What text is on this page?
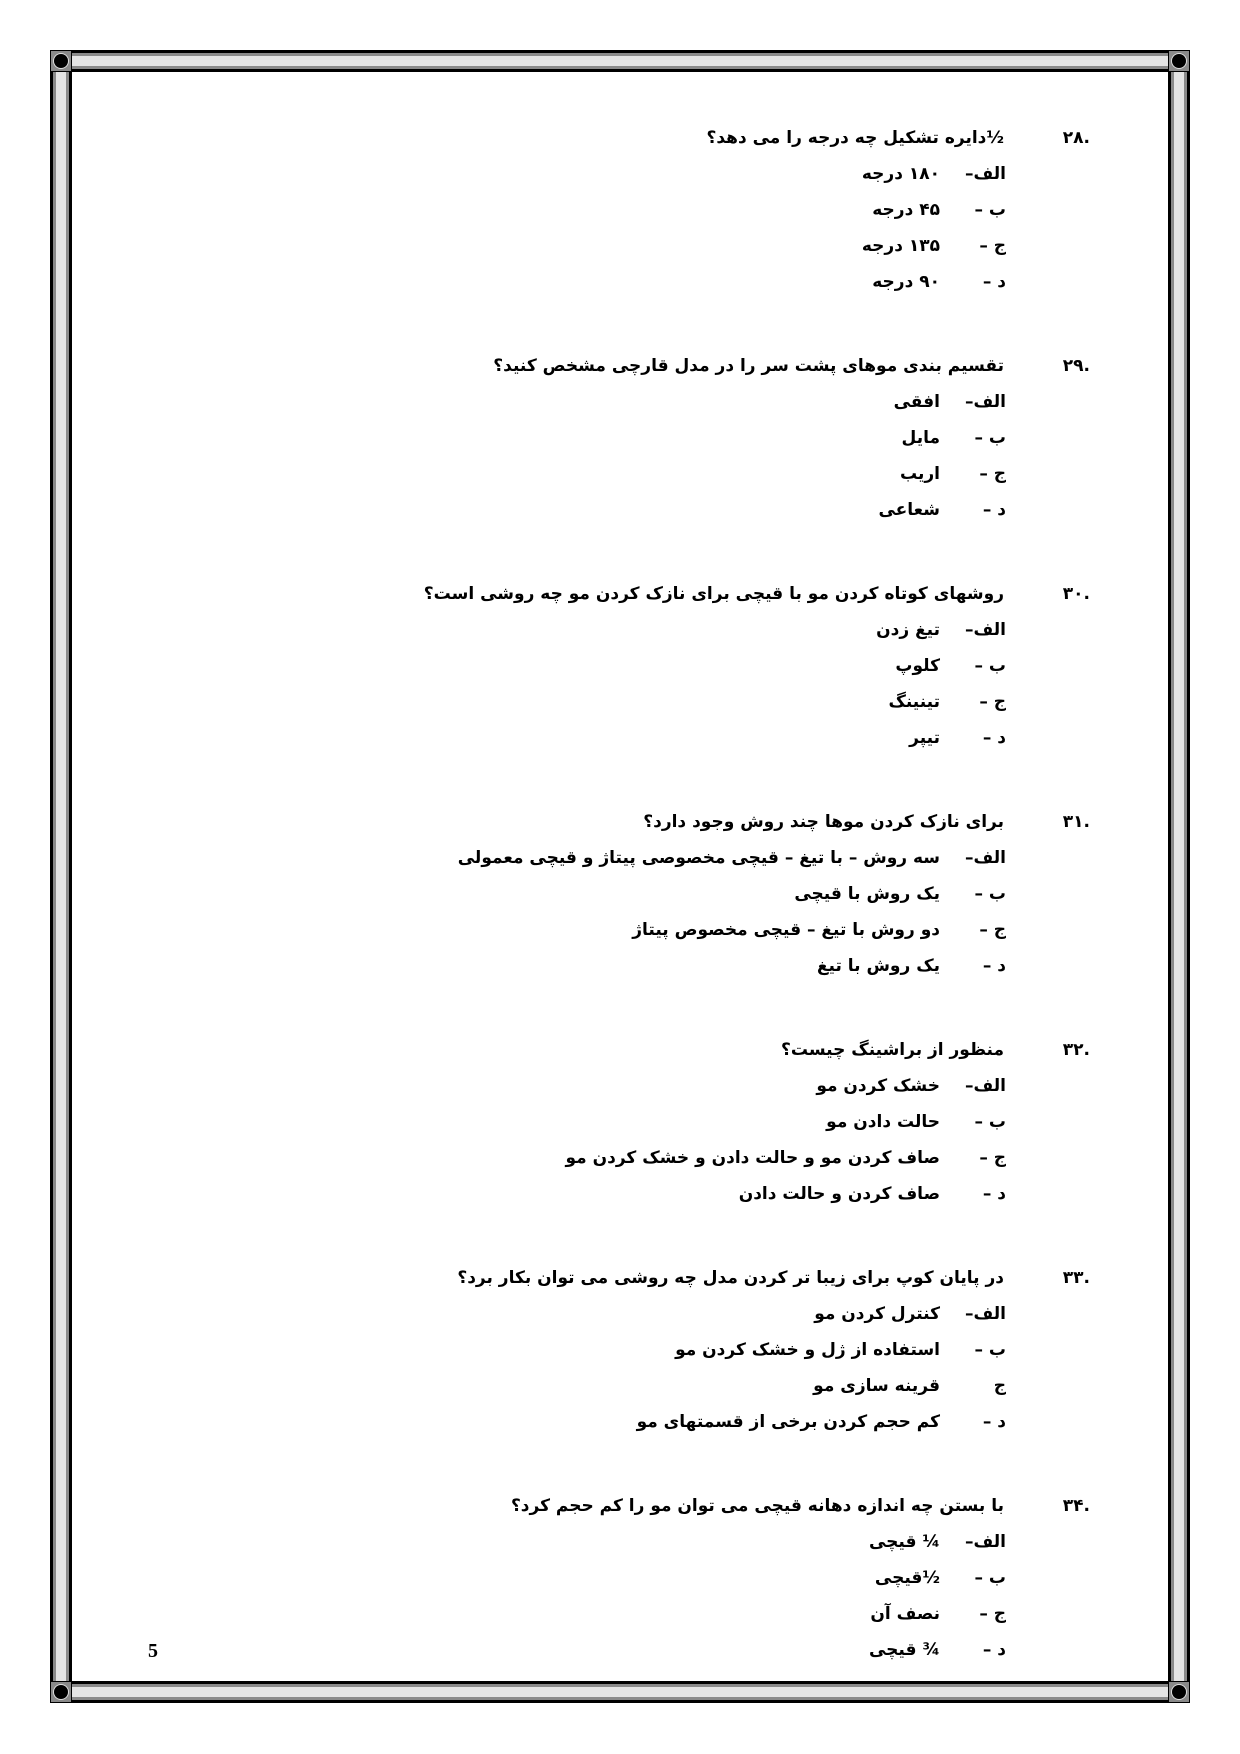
.۲۸
½دایره تشکیل چه درجه را می دهد؟
الف–
۱۸۰ درجه
ب –
۴۵ درجه
ج –
۱۳۵ درجه
د –
۹۰ درجه
.۲۹
تقسیم بندی موهای پشت سر را در مدل قارچی مشخص کنید؟
الف–
افقی
ب –
مایل
ج –
اریب
د –
شعاعی
.۳۰
روشهای کوتاه کردن مو با قیچی برای نازک کردن مو چه روشی است؟
الف–
تیغ زدن
ب –
کلوپ
ج –
تینینگ
د –
تیپر
.۳۱
برای نازک کردن موها چند روش وجود دارد؟
الف–
سه روش – با تیغ – قیچی مخصوصی پیتاژ و قیچی معمولی
ب –
یک روش با قیچی
ج –
دو روش با تیغ – قیچی مخصوص پیتاژ
د –
یک روش با تیغ
.۳۲
منظور از براشینگ چیست؟
الف–
خشک کردن مو
ب –
حالت دادن مو
ج –
صاف کردن مو و حالت دادن و خشک کردن مو
د –
صاف کردن و حالت دادن
.۳۳
در پایان کوپ برای زیبا تر کردن مدل چه روشی می توان بکار برد؟
الف–
کنترل کردن مو
ب –
استفاده از ژل و خشک کردن مو
ج
قرینه سازی مو
د –
کم حجم کردن برخی از قسمتهای مو
.۳۴
با بستن چه اندازه دهانه قیچی می توان مو را کم حجم کرد؟
الف–
¼ قیچی
ب –
½قیچی
ج –
نصف آن
د –
¾ قیچی
5
